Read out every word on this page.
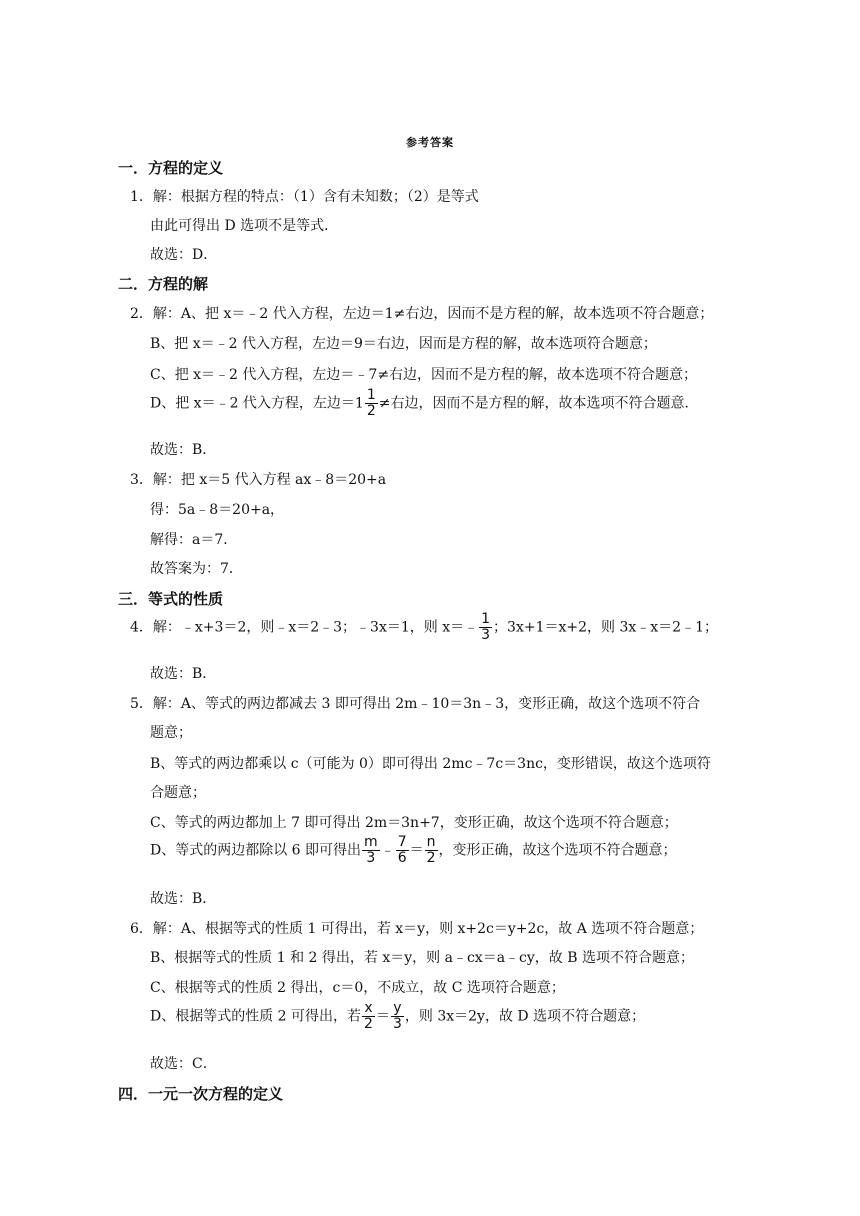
参考答案
一．方程的定义
1．解：根据方程的特点：（1）含有未知数；（2）是等式
由此可得出 D 选项不是等式．
故选：D．
二．方程的解
2．解：A、把 x＝﹣2 代入方程，左边＝1≠右边，因而不是方程的解，故本选项不符合题意；
B、把 x＝﹣2 代入方程，左边＝9＝右边，因而是方程的解，故本选项符合题意；
C、把 x＝﹣2 代入方程，左边＝﹣7≠右边，因而不是方程的解，故本选项不符合题意；
D、把 x＝﹣2 代入方程，左边$=1 \frac{1}{2}$ ≠右边，因而不是方程的解，故本选项不符合题意．
故选：B．
3．解：把 x＝5 代入方程 ax﹣8＝20+a
得：5a﹣8＝20+a，
解得：a＝7．
故答案为：7．
三．等式的性质
4．解：﹣x+3＝2，则﹣x＝2﹣3；﹣3x＝1，则 x＝﹣ $\frac{1}{3}$ ；3x+1＝x+2，则 3x﹣x＝2﹣1；
故选：B．
5．解：A、等式的两边都减去 3 即可得出 2m﹣10＝3n﹣3，变形正确，故这个选项不符合
题意；
B、等式的两边都乘以 c（可能为 0）即可得出 2mc﹣7c＝3nc，变形错误，故这个选项符
合题意；
C、等式的两边都加上 7 即可得出 2m＝3n+7，变形正确，故这个选项不符合题意；
D、等式的两边都除以 6 即可得出 $\frac{m}{3}$ ﹣ $\frac{7}{6} = \frac{n}{2}$ ，变形正确，故这个选项不符合题意；
故选：B．
6．解：A、根据等式的性质 1 可得出，若 x＝y，则 x+2c＝y+2c，故 A 选项不符合题意；
B、根据等式的性质 1 和 2 得出，若 x＝y，则 a﹣cx＝a﹣cy，故 B 选项不符合题意；
C、根据等式的性质 2 得出，c＝0，不成立，故 C 选项符合题意；
D、根据等式的性质 2 可得出，若 $\frac{x}{2} = \frac{y}{3}$ ，则 3x＝2y，故 D 选项不符合题意；
故选：C．
四．一元一次方程的定义
